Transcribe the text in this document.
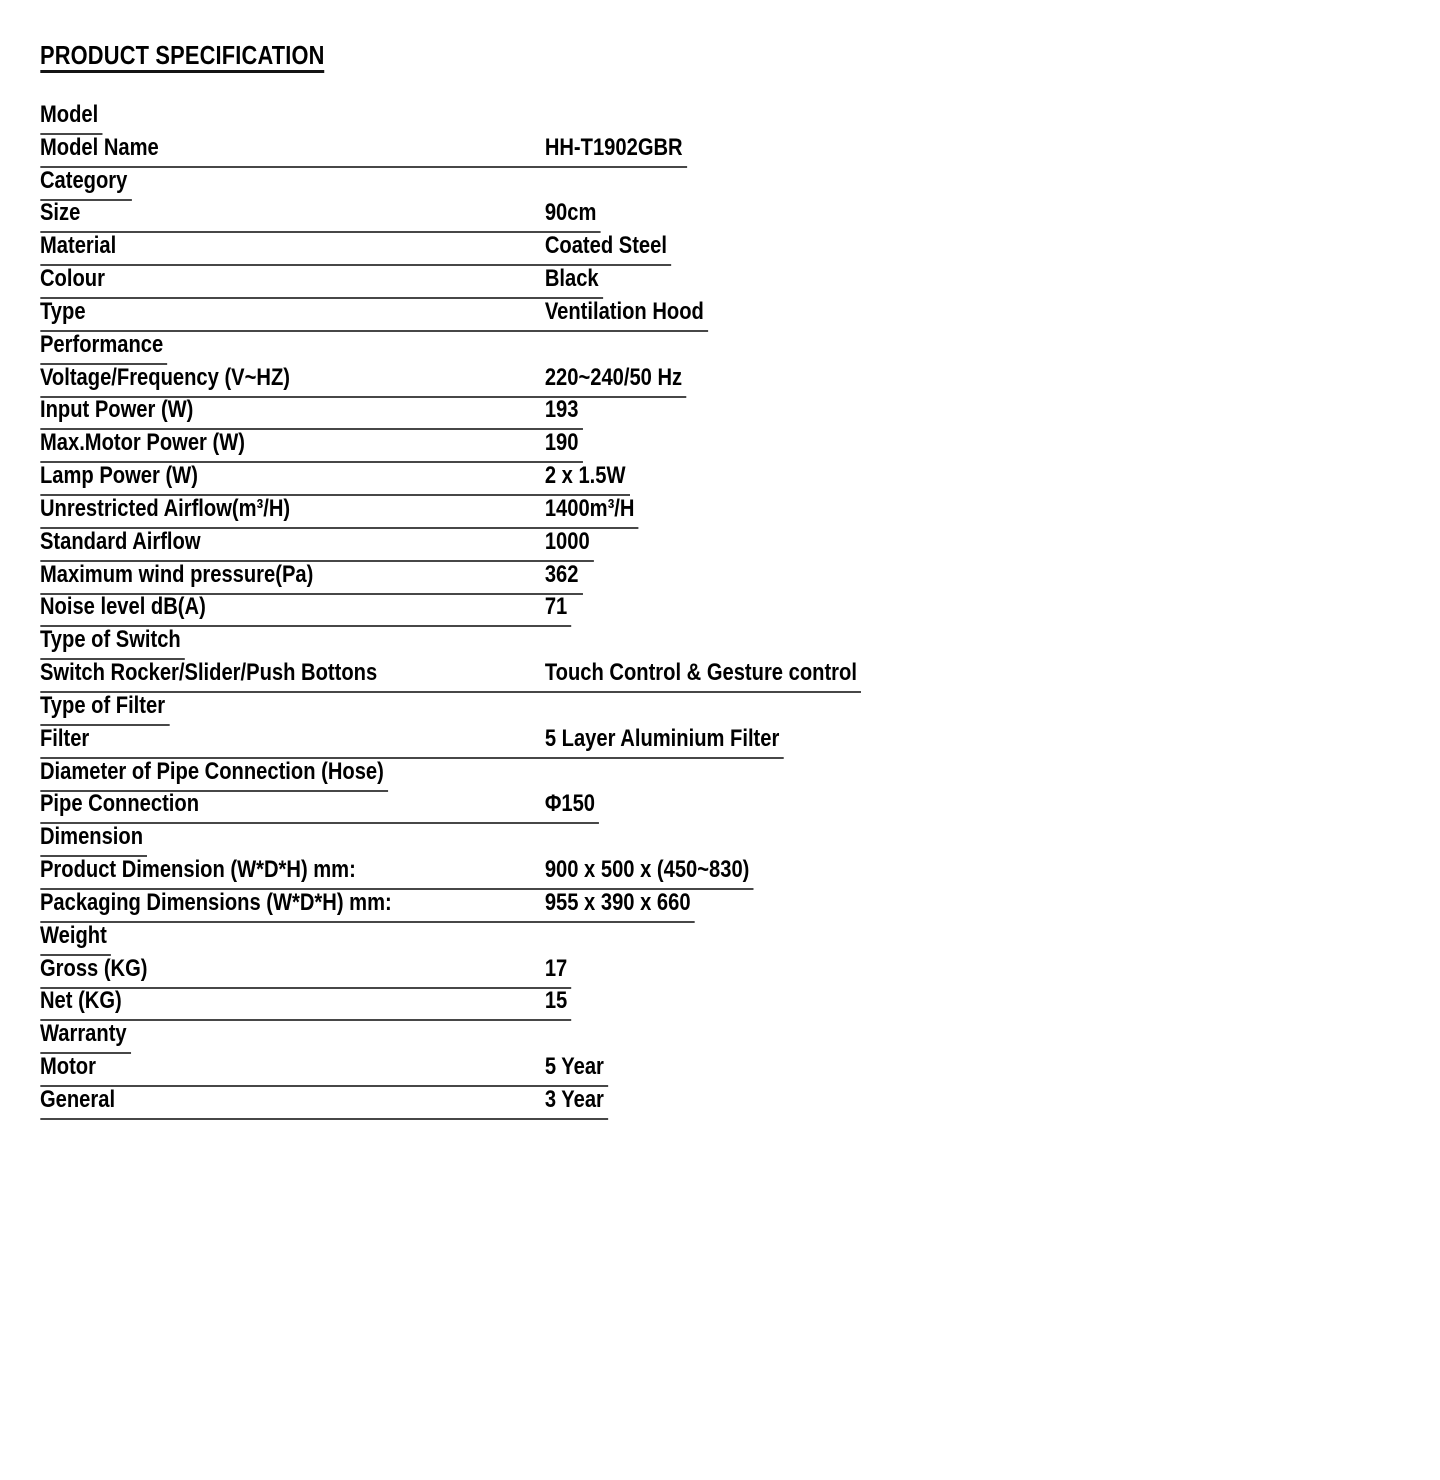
PRODUCT SPECIFICATION
Model
Model Name	HH-T1902GBR
Category
Size	90cm
Material	Coated Steel
Colour	Black
Type	Ventilation Hood
Performance
Voltage/Frequency (V~HZ)	220~240/50 Hz
Input Power (W)	193
Max.Motor Power (W)	190
Lamp Power (W)	2 x 1.5W
Unrestricted Airflow(m³/H)	1400m³/H
Standard Airflow	1000
Maximum wind pressure(Pa)	362
Noise level dB(A)	71
Type of Switch
Switch Rocker/Slider/Push Bottons	Touch Control & Gesture control
Type of Filter
Filter	5 Layer Aluminium Filter
Diameter of Pipe Connection (Hose)
Pipe Connection	Φ150
Dimension
Product Dimension (W*D*H) mm:	900 x 500 x (450~830)
Packaging Dimensions (W*D*H) mm:	955 x 390 x 660
Weight
Gross (KG)	17
Net (KG)	15
Warranty
Motor	5 Year
General	3 Year
